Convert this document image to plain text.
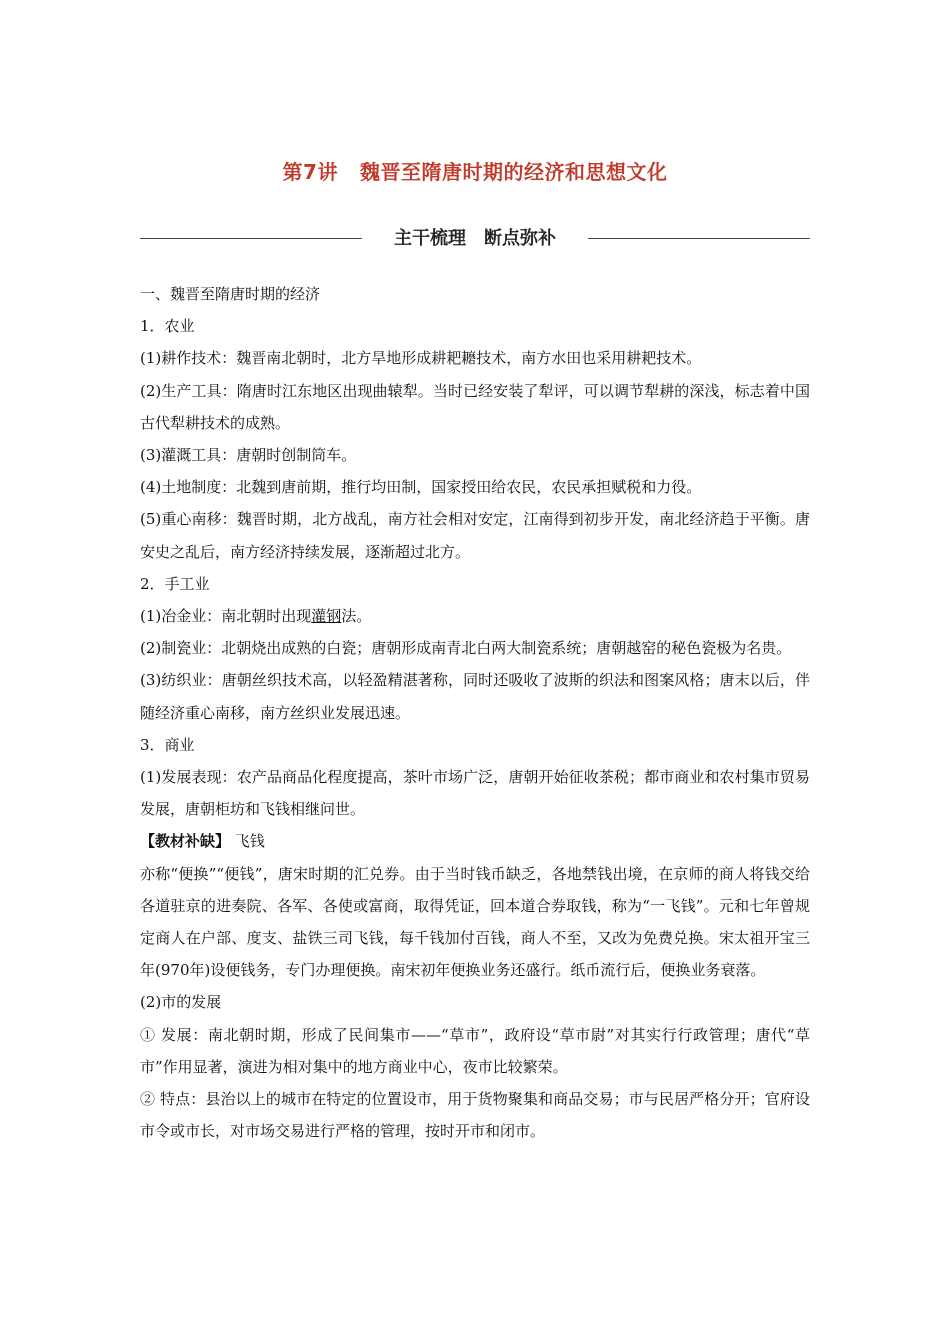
第7讲 魏晋至隋唐时期的经济和思想文化
主干梳理 断点弥补

一、魏晋至隋唐时期的经济

1．农业

(1)耕作技术：魏晋南北朝时，北方旱地形成耕耙耱技术，南方水田也采用耕耙技术。

(2)生产工具：隋唐时江东地区出现曲辕犁。当时已经安装了犁评，可以调节犁耕的深浅，标志着中国古代犁耕技术的成熟。

(3)灌溉工具：唐朝时创制筒车。

(4)土地制度：北魏到唐前期，推行均田制，国家授田给农民，农民承担赋税和力役。

(5)重心南移：魏晋时期，北方战乱，南方社会相对安定，江南得到初步开发，南北经济趋于平衡。唐安史之乱后，南方经济持续发展，逐渐超过北方。

2．手工业

(1)冶金业：南北朝时出现灌钢法。

(2)制瓷业：北朝烧出成熟的白瓷；唐朝形成南青北白两大制瓷系统；唐朝越窑的秘色瓷极为名贵。

(3)纺织业：唐朝丝织技术高，以轻盈精湛著称，同时还吸收了波斯的织法和图案风格；唐末以后，伴随经济重心南移，南方丝织业发展迅速。

3．商业

(1)发展表现：农产品商品化程度提高，茶叶市场广泛，唐朝开始征收茶税；都市商业和农村集市贸易发展，唐朝柜坊和飞钱相继问世。

【教材补缺】 飞钱

亦称“便换”“便钱”，唐宋时期的汇兑券。由于当时钱币缺乏，各地禁钱出境，在京师的商人将钱交给各道驻京的进奏院、各军、各使或富商，取得凭证，回本道合券取钱，称为“一飞钱”。元和七年曾规定商人在户部、度支、盐铁三司飞钱，每千钱加付百钱，商人不至，又改为免费兑换。宋太祖开宝三年(970年)设便钱务，专门办理便换。南宋初年便换业务还盛行。纸币流行后，便换业务衰落。

(2)市的发展

① 发展：南北朝时期，形成了民间集市——“草市”，政府设“草市尉”对其实行行政管理；唐代“草市”作用显著，演进为相对集中的地方商业中心，夜市比较繁荣。

② 特点：县治以上的城市在特定的位置设市，用于货物聚集和商品交易；市与民居严格分开；官府设市令或市长，对市场交易进行严格的管理，按时开市和闭市。
